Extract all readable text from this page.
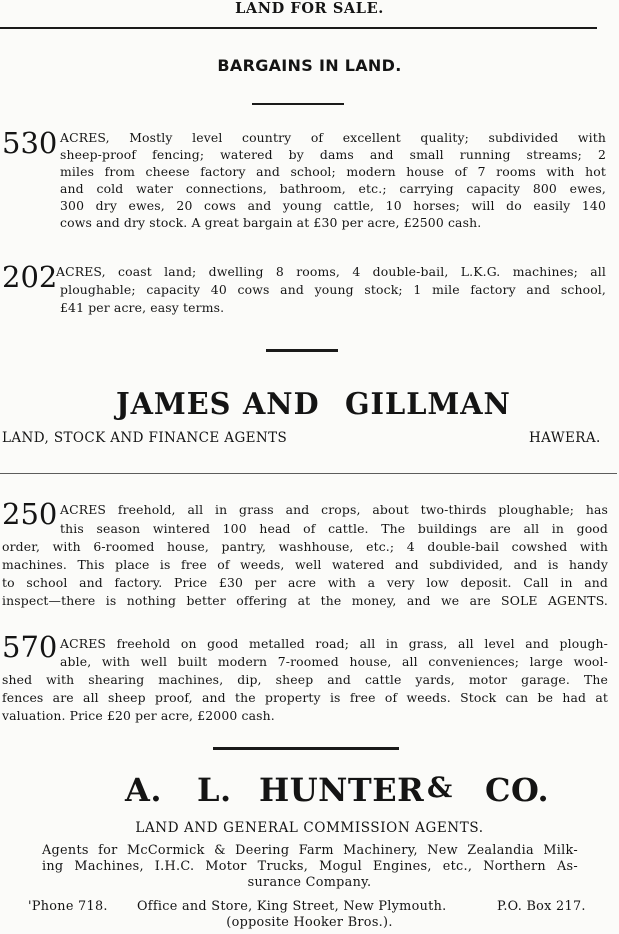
LAND FOR SALE.
BARGAINS IN LAND.
530 ACRES, Mostly level country of excellent quality; subdivided with
sheep-proof fencing; watered by dams and small running streams; 2
miles from cheese factory and school; modern house of 7 rooms with hot
and cold water connections, bathroom, etc.; carrying capacity 800 ewes,
300 dry ewes, 20 cows and young cattle, 10 horses; will do easily 140
cows and dry stock. A great bargain at £30 per acre, £2500 cash.
202
ACRES, coast land; dwelling 8 rooms, 4 double-bail, L.K.G. machines; all
ploughable; capacity 40 cows and young stock; 1 mile factory and school,
£41 per acre, easy terms.
JAMES AND GILLMAN
LAND, STOCK AND FINANCE AGENTS	HAWERA.
250 ACRES freehold, all in grass and crops, about two-thirds ploughable; has
this season wintered 100 head of cattle. The buildings are all in good
order, with 6-roomed house, pantry, washhouse, etc.; 4 double-bail cowshed with
machines. This place is free of weeds, well watered and subdivided, and is handy
to school and factory. Price £30 per acre with a very low deposit. Call in and
inspect—there is nothing better offering at the money, and we are SOLE AGENTS.
570 ACRES freehold on good metalled road; all in grass, all level and plough-
able, with well built modern 7-roomed house, all conveniences; large wool-
shed with shearing machines, dip, sheep and cattle yards, motor garage. The
fences are all sheep proof, and the property is free of weeds. Stock can be had at
valuation. Price £20 per acre, £2000 cash.
A. L. HUNTER & CO.
LAND AND GENERAL COMMISSION AGENTS.
Agents for McCormick & Deering Farm Machinery, New Zealandia Milk-
ing Machines, I.H.C. Motor Trucks, Mogul Engines, etc., Northern As-
surance Company.
'Phone 718. Office and Store, King Street, New Plymouth.	P.O. Box 217.
(opposite Hooker Bros.).
